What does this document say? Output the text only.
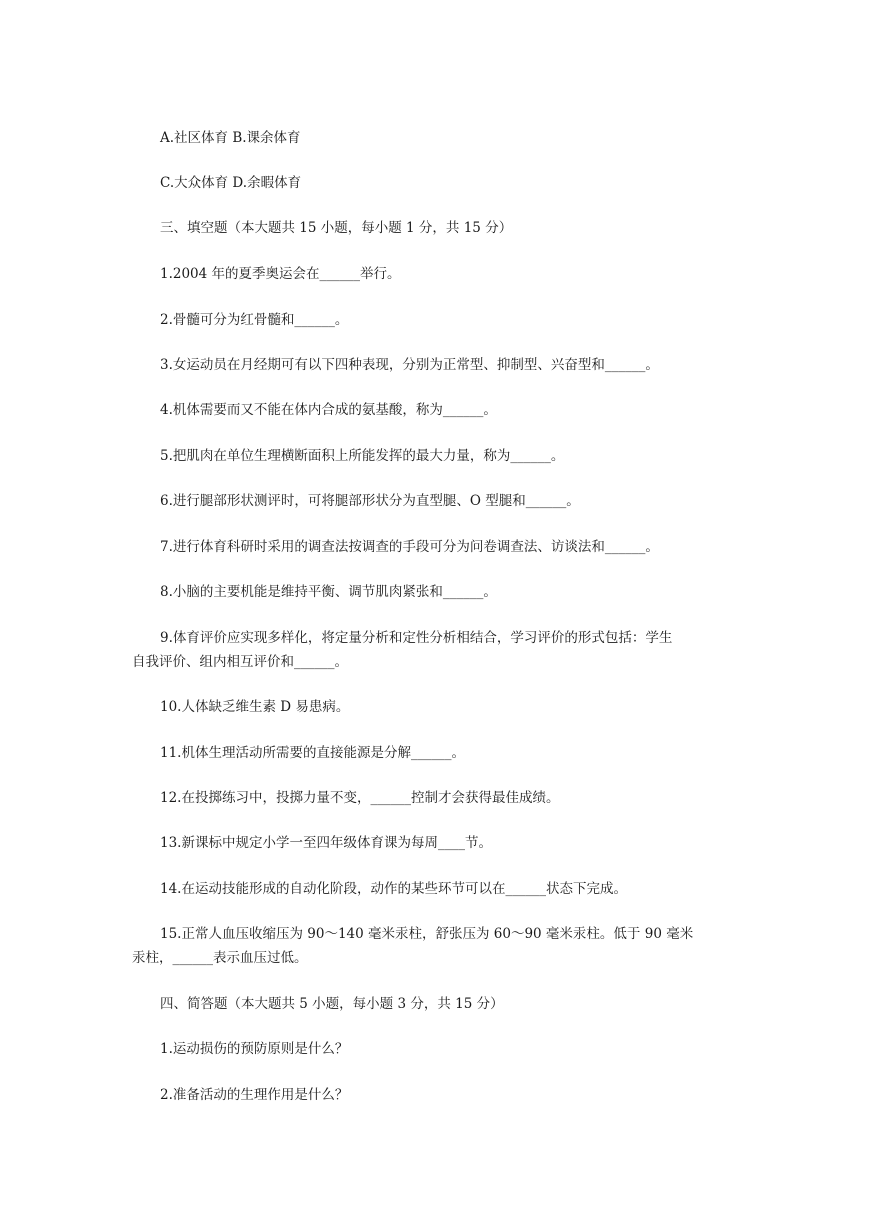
A.社区体育 B.课余体育
C.大众体育 D.余暇体育
三、填空题（本大题共 15 小题，每小题 1 分，共 15 分）
1.2004 年的夏季奥运会在______举行。
2.骨髓可分为红骨髓和______。
3.女运动员在月经期可有以下四种表现，分别为正常型、抑制型、兴奋型和______。
4.机体需要而又不能在体内合成的氨基酸，称为______。
5.把肌肉在单位生理横断面积上所能发挥的最大力量，称为______。
6.进行腿部形状测评时，可将腿部形状分为直型腿、O 型腿和______。
7.进行体育科研时采用的调查法按调查的手段可分为问卷调查法、访谈法和______。
8.小脑的主要机能是维持平衡、调节肌肉紧张和______。
9.体育评价应实现多样化，将定量分析和定性分析相结合，学习评价的形式包括：学生
自我评价、组内相互评价和______。
10.人体缺乏维生素 D 易患病。
11.机体生理活动所需要的直接能源是分解______。
12.在投掷练习中，投掷力量不变，______控制才会获得最佳成绩。
13.新课标中规定小学一至四年级体育课为每周____节。
14.在运动技能形成的自动化阶段，动作的某些环节可以在______状态下完成。
15.正常人血压收缩压为 90～140 毫米汞柱，舒张压为 60～90 毫米汞柱。低于 90 毫米
汞柱，______表示血压过低。
四、简答题（本大题共 5 小题，每小题 3 分，共 15 分）
1.运动损伤的预防原则是什么？
2.准备活动的生理作用是什么？
